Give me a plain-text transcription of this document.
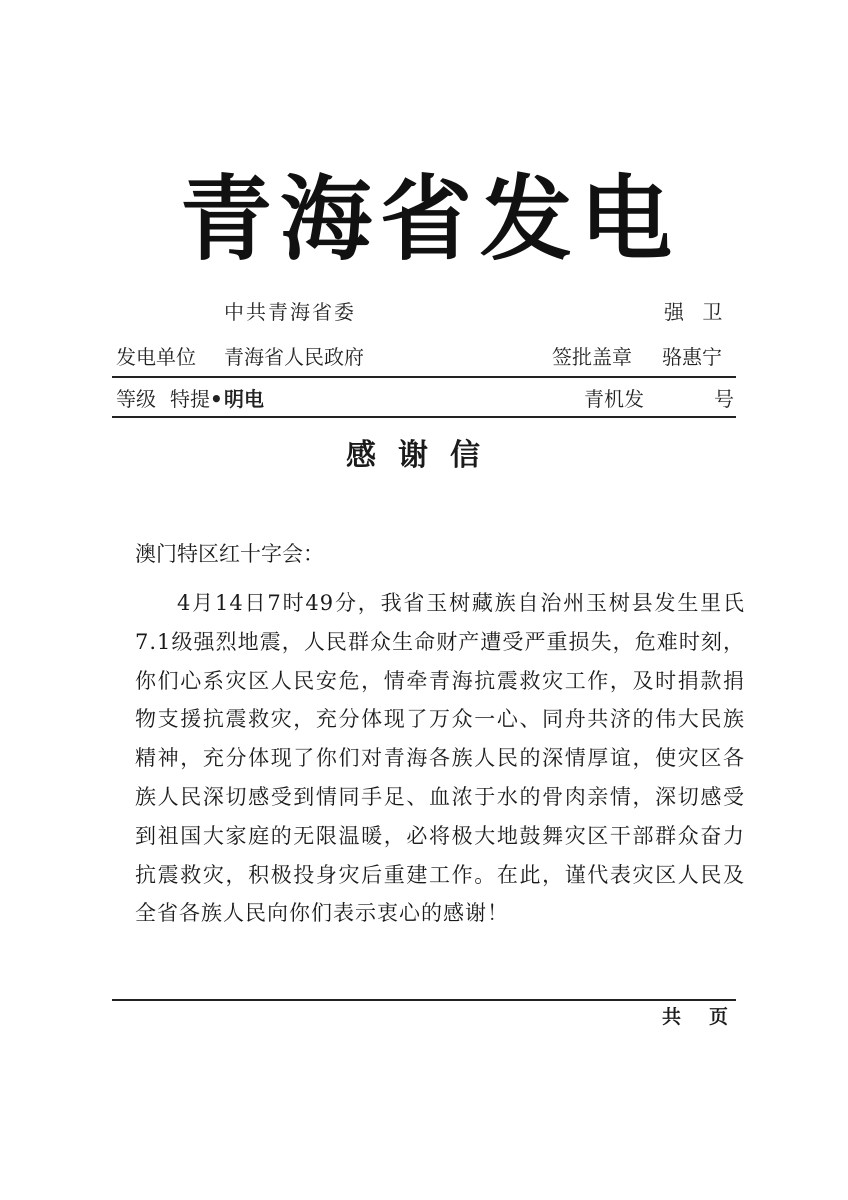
青海省发电
中共青海省委	强 卫
发电单位 青海省人民政府	签批盖章 骆惠宁
等级 特提 • 明电	青机发	号
感谢信
澳门特区红十字会：
4月14日7时49分，我省玉树藏族自治州玉树县发生里氏7.1级强烈地震，人民群众生命财产遭受严重损失，危难时刻，你们心系灾区人民安危，情牵青海抗震救灾工作，及时捐款捐物支援抗震救灾，充分体现了万众一心、同舟共济的伟大民族精神，充分体现了你们对青海各族人民的深情厚谊，使灾区各族人民深切感受到情同手足、血浓于水的骨肉亲情，深切感受到祖国大家庭的无限温暖，必将极大地鼓舞灾区干部群众奋力抗震救灾，积极投身灾后重建工作。在此，谨代表灾区人民及全省各族人民向你们表示衷心的感谢！
共页
